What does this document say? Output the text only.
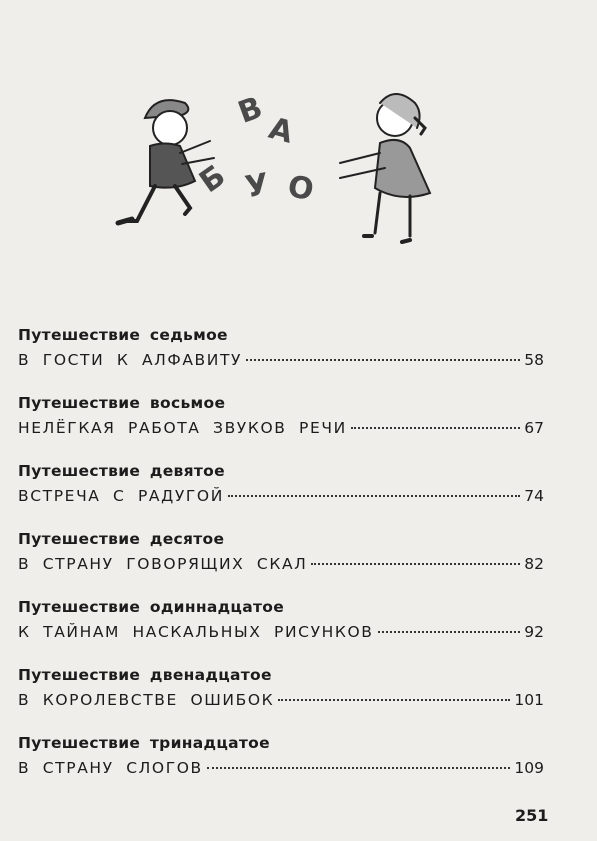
В
А
Б У О
Путешествие седьмое
В ГОСТИ К АЛФАВИТУ	58
Путешествие восьмое
НЕЛЁГКАЯ РАБОТА ЗВУКОВ РЕЧИ	67
Путешествие девятое
ВСТРЕЧА С РАДУГОЙ	74
Путешествие десятое
В СТРАНУ ГОВОРЯЩИХ СКАЛ	82
Путешествие одиннадцатое
К ТАЙНАМ НАСКАЛЬНЫХ РИСУНКОВ	92
Путешествие двенадцатое
В КОРОЛЕВСТВЕ ОШИБОК	101
Путешествие тринадцатое
В СТРАНУ СЛОГОВ	109
251
